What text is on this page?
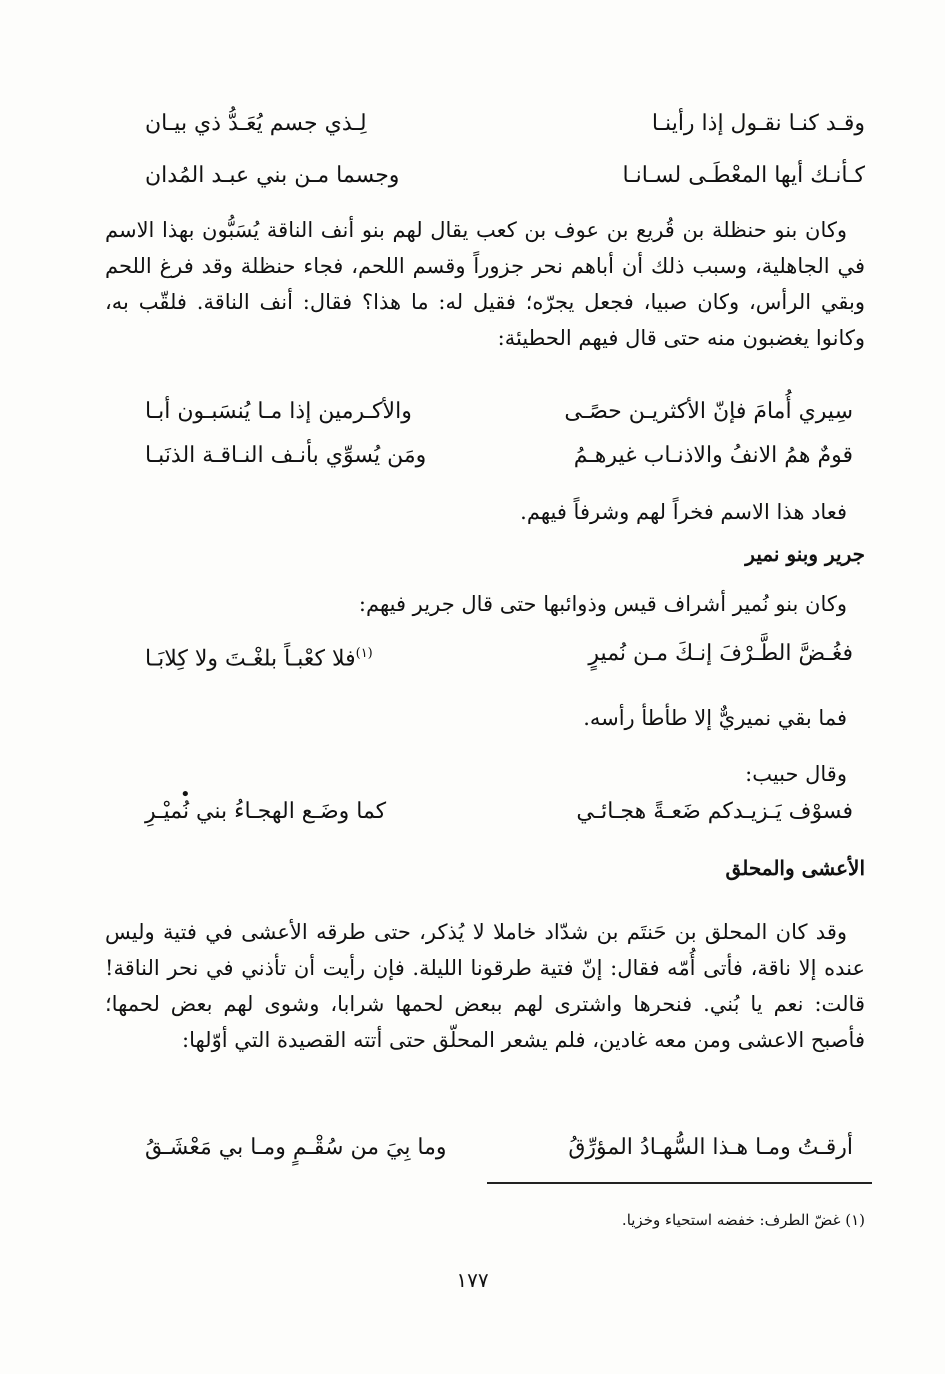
وقـد كنـا نقـول إذا رأينـا
لِـذي جسم يُعَـدُّ ذي بيـان
كـأنـك أيها المعْطَـى لسـانـا
وجسما مـن بني عبـد المُدان
وكان بنو حنظلة بن قُريع بن عوف بن كعب يقال لهم بنو أنف الناقة يُسَبُّون بهذا الاسم في الجاهلية، وسبب ذلك أن أباهم نحر جزوراً وقسم اللحم، فجاء حنظلة وقد فرغ اللحم وبقي الرأس، وكان صبيا، فجعل يجرّه؛ فقيل له: ما هذا؟ فقال: أنف الناقة. فلقّب به، وكانوا يغضبون منه حتى قال فيهم الحطيئة:
سِيري أُمامَ فإنّ الأكثريـن حصًـى
والأكـرمين إذا مـا يُنسَبـون أبـا
قومٌ همُ الانفُ والاذنـاب غيرهـمُ
ومَن يُسوِّي بأنـف النـاقـة الذنَبـا
فعاد هذا الاسم فخراً لهم وشرفاً فيهم.
جرير وبنو نمير
وكان بنو نُمير أشراف قيس وذوائبها حتى قال جرير فيهم:
فغُـضَّ الطَّـرْفَ إنـكَ مـن نُميرٍ
$^{(١)}$فلا كعْبـاً بلغْـتَ ولا كِلابَـا
فما بقي نميريٌّ إلا طأطأ رأسه.
وقال حبيب:
فسوْف يَـزيـدكم ضَعـةً هجـائـي
كما وضَـع الهجـاءُ بني نُميْـرِ
الأعشى والمحلق
وقد كان المحلق بن حَنتَم بن شدّاد خاملا لا يُذكر، حتى طرقه الأعشى في فتية وليس عنده إلا ناقة، فأتى أُمّه فقال: إنّ فتية طرقونا الليلة. فإن رأيت أن تأذني في نحر الناقة! قالت: نعم يا بُني. فنحرها واشترى لهم ببعض لحمها شرابا، وشوى لهم بعض لحمها؛ فأصبح الاعشى ومن معه غادين، فلم يشعر المحلّق حتى أتته القصيدة التي أوّلها:
أرقـتُ ومـا هـذا السُّهـادُ المؤرِّقُ
وما بِيَ من سُقْـمٍ ومـا بي مَعْشَـقُ
•
(١) غضّ الطرف: خفضه استحياء وخزيا.
١٧٧
